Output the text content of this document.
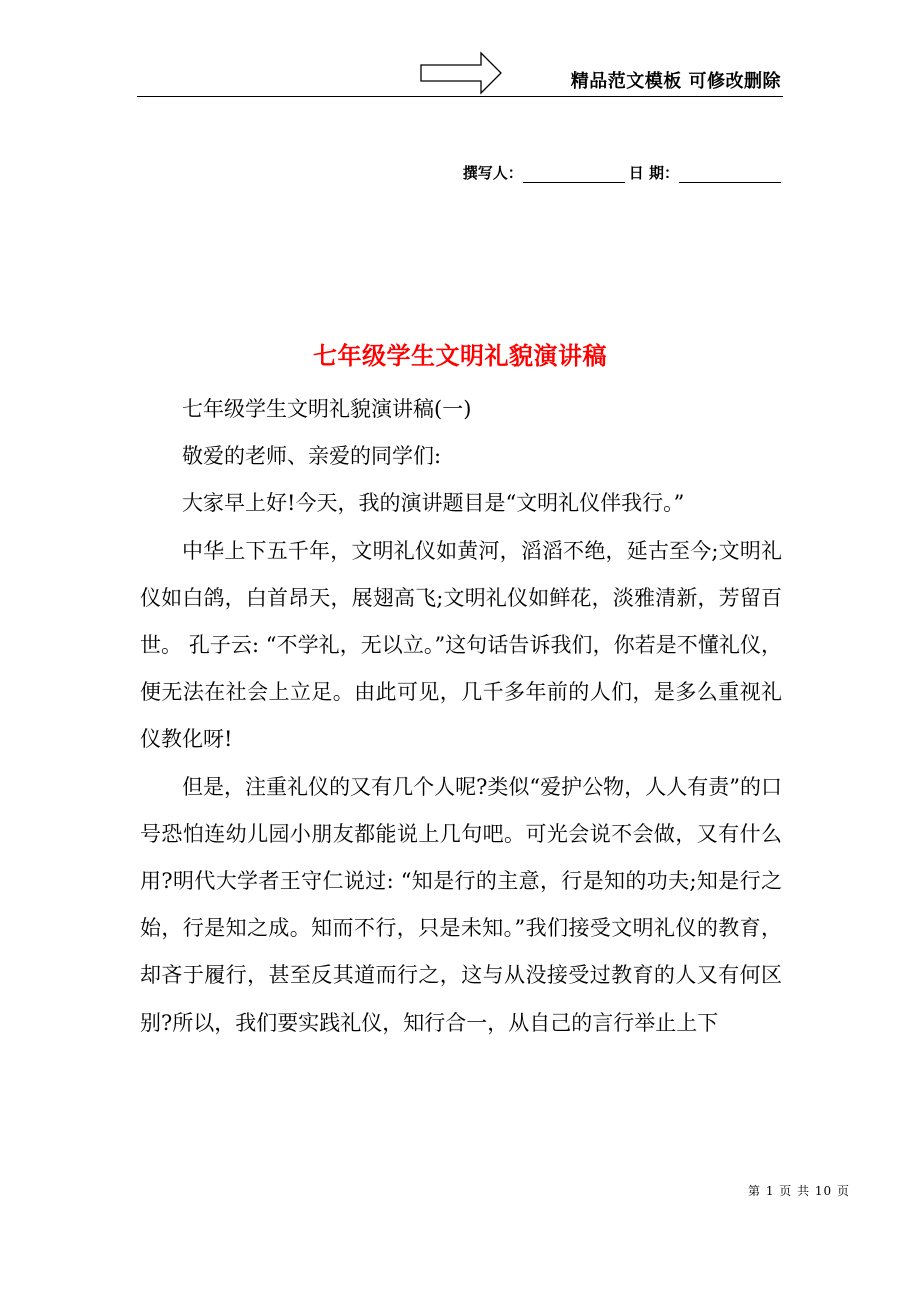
精品范文模板 可修改删除
撰写人：	日 期：
七年级学生文明礼貌演讲稿

七年级学生文明礼貌演讲稿(一)

敬爱的老师、亲爱的同学们:

大家早上好!今天，我的演讲题目是“文明礼仪伴我行。”

中华上下五千年，文明礼仪如黄河，滔滔不绝，延古至今;文明礼仪如白鸽，白首昂天，展翅高飞;文明礼仪如鲜花，淡雅清新，芳留百世。 孔子云: “不学礼，无以立。”这句话告诉我们，你若是不懂礼仪，便无法在社会上立足。由此可见，几千多年前的人们，是多么重视礼仪教化呀!

但是，注重礼仪的又有几个人呢?类似“爱护公物，人人有责”的口号恐怕连幼儿园小朋友都能说上几句吧。可光会说不会做，又有什么用?明代大学者王守仁说过: “知是行的主意，行是知的功夫;知是行之始，行是知之成。知而不行，只是未知。”我们接受文明礼仪的教育，却吝于履行，甚至反其道而行之，这与从没接受过教育的人又有何区别?所以，我们要实践礼仪，知行合一，从自己的言行举止上下

第 1 页 共 10 页
